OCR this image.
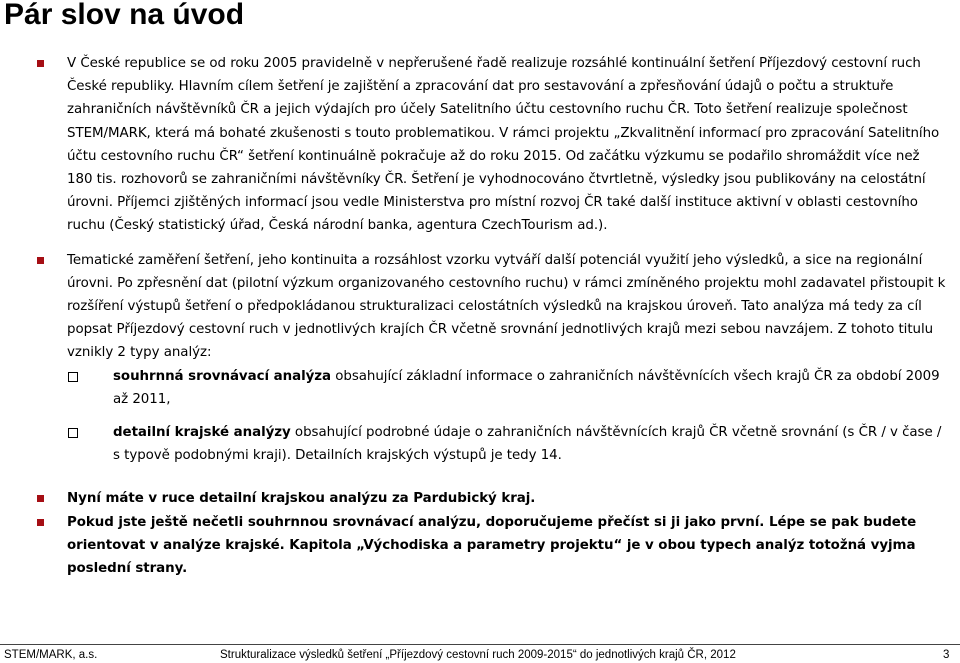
Pár slov na úvod

V České republice se od roku 2005 pravidelně v nepřerušené řadě realizuje rozsáhlé kontinuální šetření Příjezdový cestovní ruch České republiky. Hlavním cílem šetření je zajištění a zpracování dat pro sestavování a zpřesňování údajů o počtu a struktuře zahraničních návštěvníků ČR a jejich výdajích pro účely Satelitního účtu cestovního ruchu ČR. Toto šetření realizuje společnost STEM/MARK, která má bohaté zkušenosti s touto problematikou. V rámci projektu „Zkvalitnění informací pro zpracování Satelitního účtu cestovního ruchu ČR“ šetření kontinuálně pokračuje až do roku 2015. Od začátku výzkumu se podařilo shromáždit více než 180 tis. rozhovorů se zahraničními návštěvníky ČR. Šetření je vyhodnocováno čtvrtletně, výsledky jsou publikovány na celostátní úrovni. Příjemci zjištěných informací jsou vedle Ministerstva pro místní rozvoj ČR také další instituce aktivní v oblasti cestovního ruchu (Český statistický úřad, Česká národní banka, agentura CzechTourism ad.).

Tematické zaměření šetření, jeho kontinuita a rozsáhlost vzorku vytváří další potenciál využití jeho výsledků, a sice na regionální úrovni. Po zpřesnění dat (pilotní výzkum organizovaného cestovního ruchu) v rámci zmíněného projektu mohl zadavatel přistoupit k rozšíření výstupů šetření o předpokládanou strukturalizaci celostátních výsledků na krajskou úroveň. Tato analýza má tedy za cíl popsat Příjezdový cestovní ruch v jednotlivých krajích ČR včetně srovnání jednotlivých krajů mezi sebou navzájem. Z tohoto titulu vznikly 2 typy analýz:

souhrnná srovnávací analýza obsahující základní informace o zahraničních návštěvnících všech krajů ČR za období 2009 až 2011,

detailní krajské analýzy obsahující podrobné údaje o zahraničních návštěvnících krajů ČR včetně srovnání (s ČR / v čase / s typově podobnými kraji). Detailních krajských výstupů je tedy 14.

Nyní máte v ruce detailní krajskou analýzu za Pardubický kraj.

Pokud jste ještě nečetli souhrnnou srovnávací analýzu, doporučujeme přečíst si ji jako první. Lépe se pak budete orientovat v analýze krajské. Kapitola „Východiska a parametry projektu“ je v obou typech analýz totožná vyjma poslední strany.

STEM/MARK, a.s.	Strukturalizace výsledků šetření „Příjezdový cestovní ruch 2009-2015“ do jednotlivých krajů ČR, 2012	3
